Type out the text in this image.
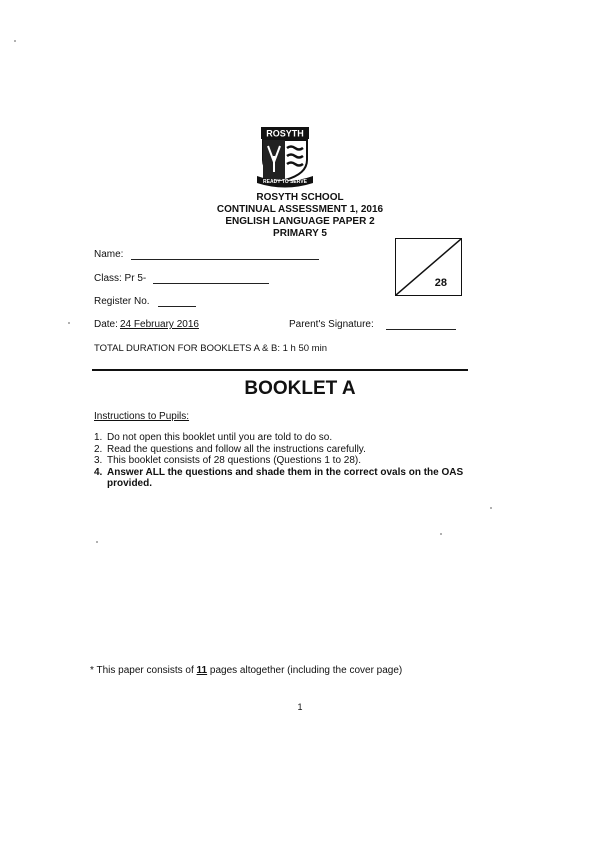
ROSYTH
READY TO SERVE
ROSYTH SCHOOL
CONTINUAL ASSESSMENT 1, 2016
ENGLISH LANGUAGE PAPER 2
PRIMARY 5
Name:
Class: Pr 5-
Register No.
Date: 24 February 2016	Parent's Signature:
TOTAL DURATION FOR BOOKLETS A & B: 1 h 50 min
28
BOOKLET A
Instructions to Pupils:
1. Do not open this booklet until you are told to do so.
2. Read the questions and follow all the instructions carefully.
3. This booklet consists of 28 questions (Questions 1 to 28).
4. Answer ALL the questions and shade them in the correct ovals on the OAS provided.
* This paper consists of 11 pages altogether (including the cover page)
1
